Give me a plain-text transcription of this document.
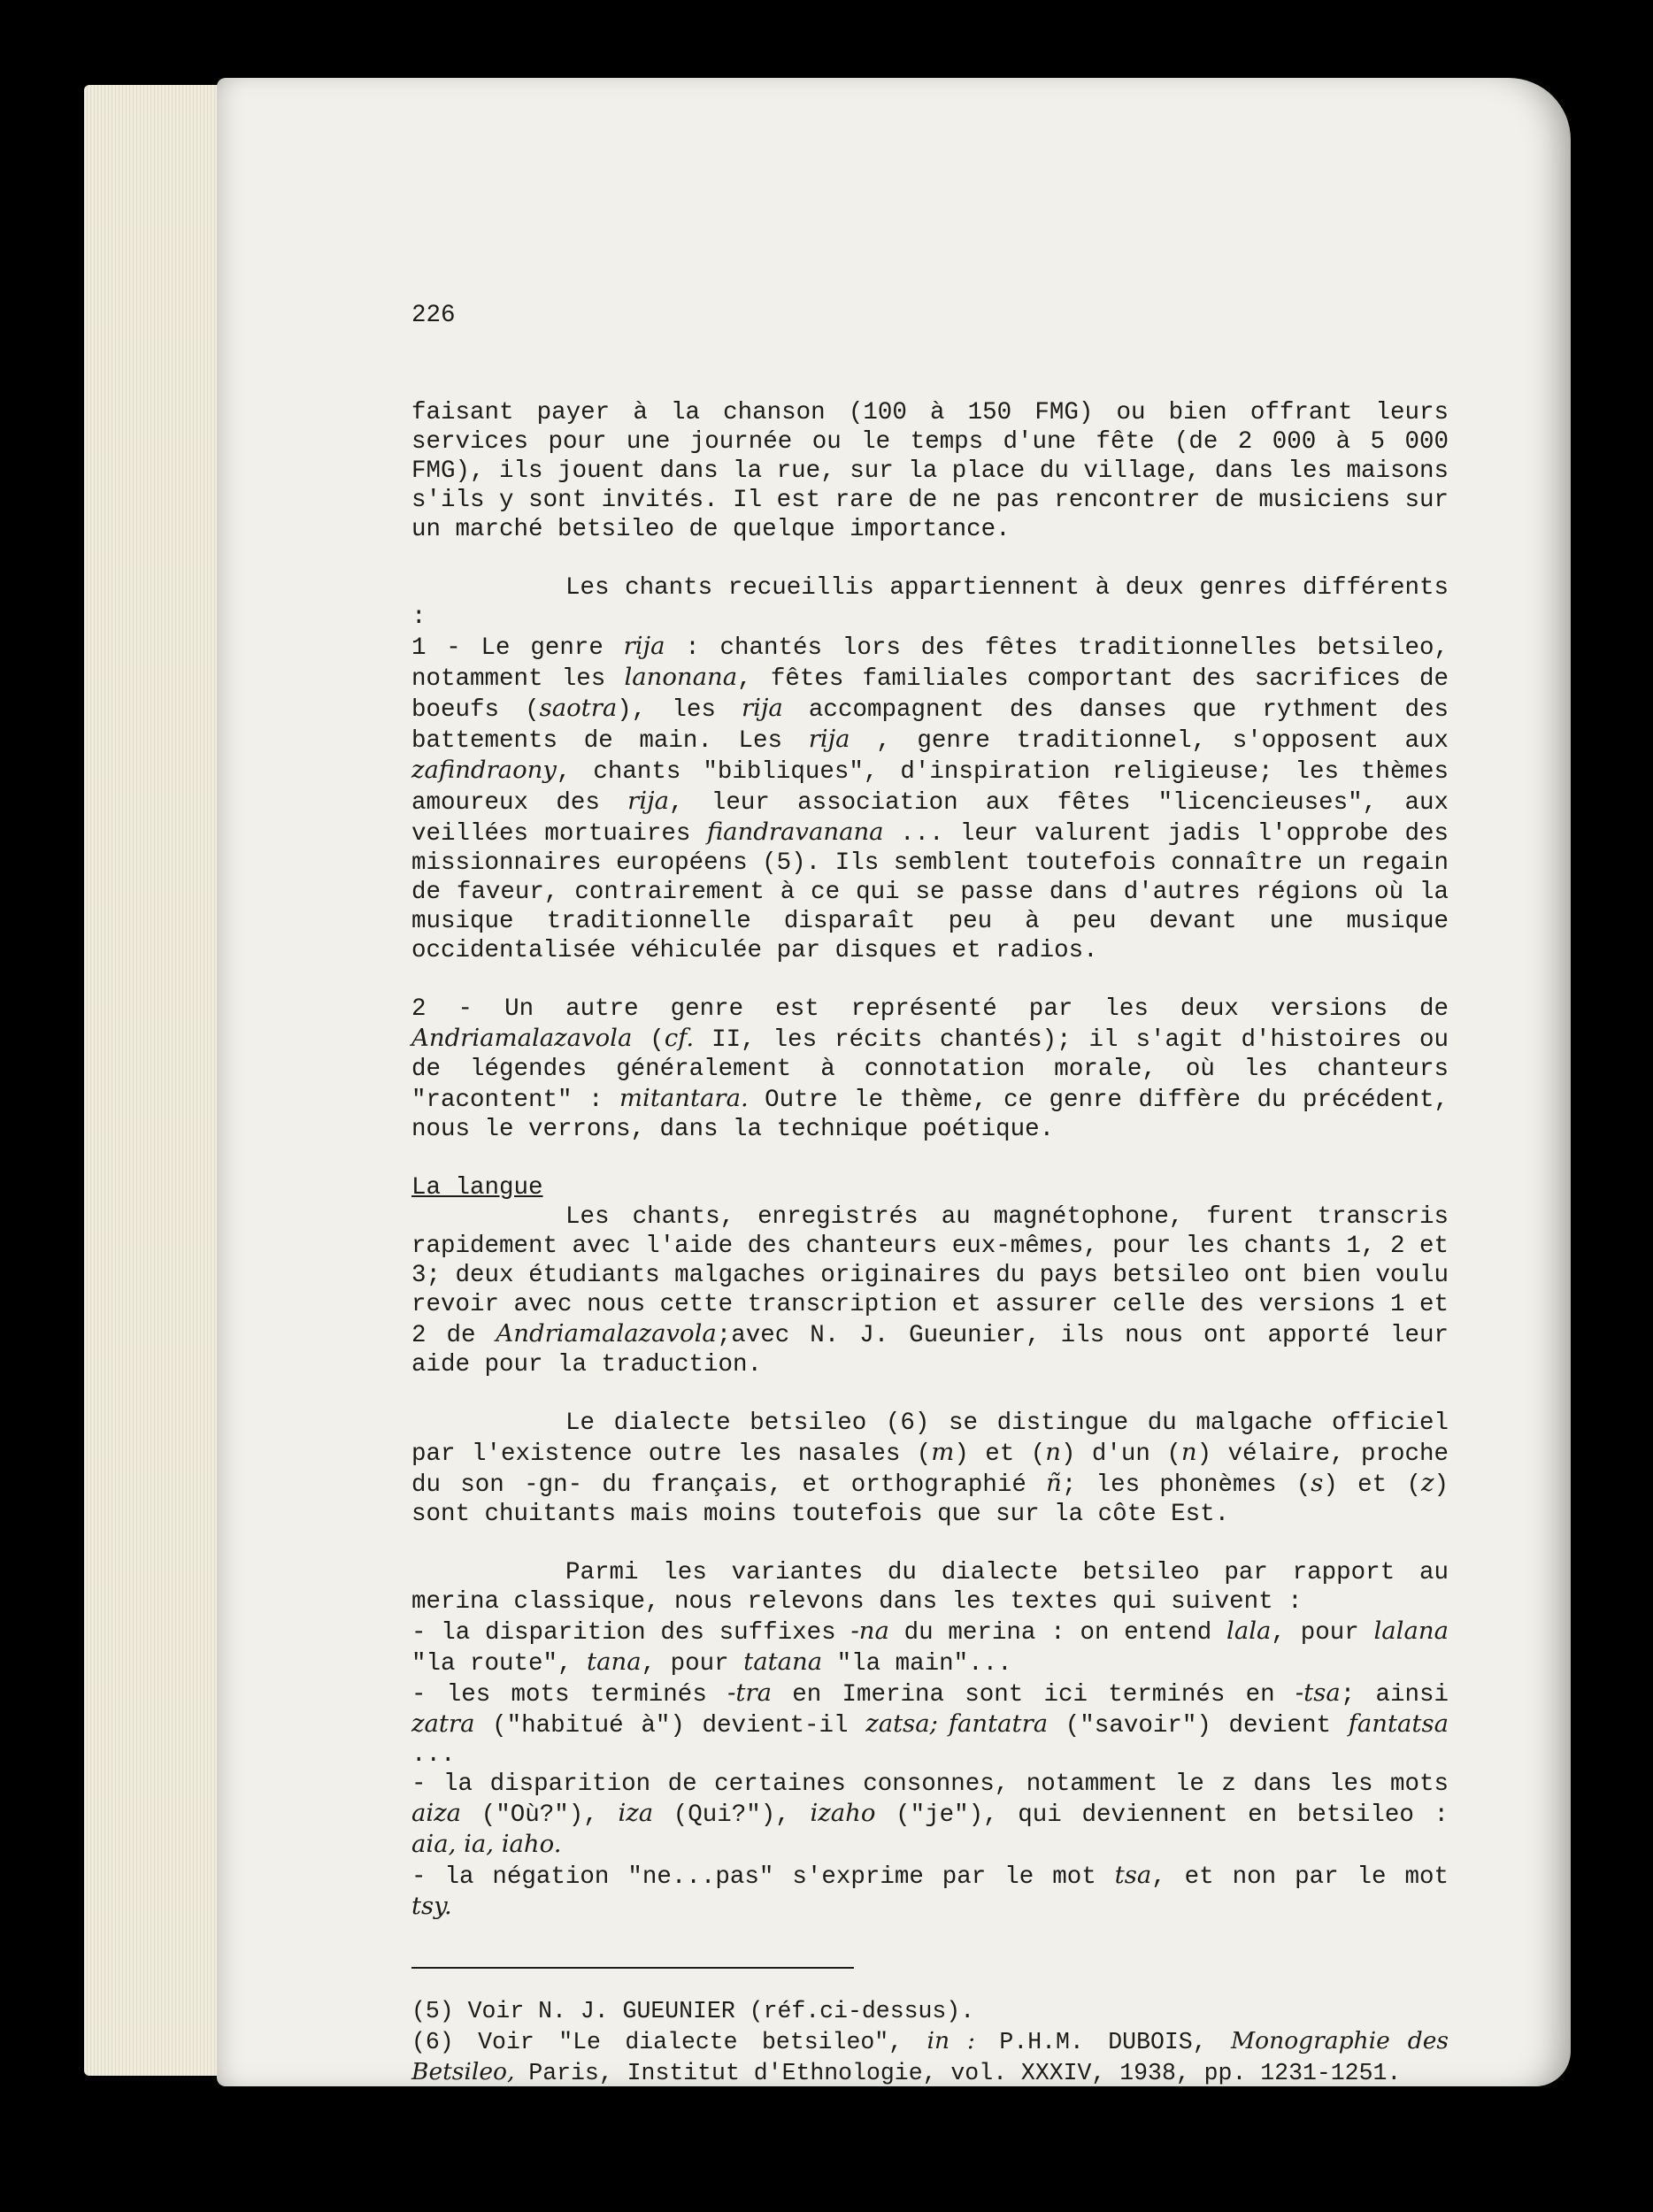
226

faisant payer à la chanson (100 à 150 FMG) ou bien offrant leurs services pour une journée ou le temps d'une fête (de 2 000 à 5 000 FMG), ils jouent dans la rue, sur la place du village, dans les maisons s'ils y sont invités. Il est rare de ne pas rencontrer de musiciens sur un marché betsileo de quelque importance.

Les chants recueillis appartiennent à deux genres différents :

1 - Le genre rija : chantés lors des fêtes traditionnelles betsileo, notamment les lanonana, fêtes familiales comportant des sacrifices de boeufs (saotra), les rija accompagnent des danses que rythment des battements de main. Les rija , genre traditionnel, s'opposent aux zafindraony, chants "bibliques", d'inspiration religieuse; les thèmes amoureux des rija, leur association aux fêtes "licencieuses", aux veillées mortuaires fiandravanana ... leur valurent jadis l'opprobe des missionnaires européens (5). Ils semblent toutefois connaître un regain de faveur, contrairement à ce qui se passe dans d'autres régions où la musique traditionnelle disparaît peu à peu devant une musique occidentalisée véhiculée par disques et radios.

2 - Un autre genre est représenté par les deux versions de Andriamalazavola (cf. II, les récits chantés); il s'agit d'histoires ou de légendes généralement à connotation morale, où les chanteurs "racontent" : mitantara. Outre le thème, ce genre diffère du précédent, nous le verrons, dans la technique poétique.

La langue

Les chants, enregistrés au magnétophone, furent transcris rapidement avec l'aide des chanteurs eux-mêmes, pour les chants 1, 2 et 3; deux étudiants malgaches originaires du pays betsileo ont bien voulu revoir avec nous cette transcription et assurer celle des versions 1 et 2 de Andriamalazavola;avec N. J. Gueunier, ils nous ont apporté leur aide pour la traduction.

Le dialecte betsileo (6) se distingue du malgache officiel par l'existence outre les nasales (m) et (n) d'un (n) vélaire, proche du son -gn- du français, et orthographié ñ; les phonèmes (s) et (z) sont chuitants mais moins toutefois que sur la côte Est.

Parmi les variantes du dialecte betsileo par rapport au merina classique, nous relevons dans les textes qui suivent :

- la disparition des suffixes -na du merina : on entend lala, pour lalana "la route", tana, pour tatana "la main"...

- les mots terminés -tra en Imerina sont ici terminés en -tsa; ainsi zatra ("habitué à") devient-il zatsa; fantatra ("savoir") devient fantatsa ...

- la disparition de certaines consonnes, notamment le z dans les mots aiza ("Où?"), iza (Qui?"), izaho ("je"), qui deviennent en betsileo : aia, ia, iaho.

- la négation "ne...pas" s'exprime par le mot tsa, et non par le mot tsy.

(5) Voir N. J. GUEUNIER (réf.ci-dessus).

(6) Voir "Le dialecte betsileo", in : P.H.M. DUBOIS, Monographie des Betsileo, Paris, Institut d'Ethnologie, vol. XXXIV, 1938, pp. 1231-1251.
